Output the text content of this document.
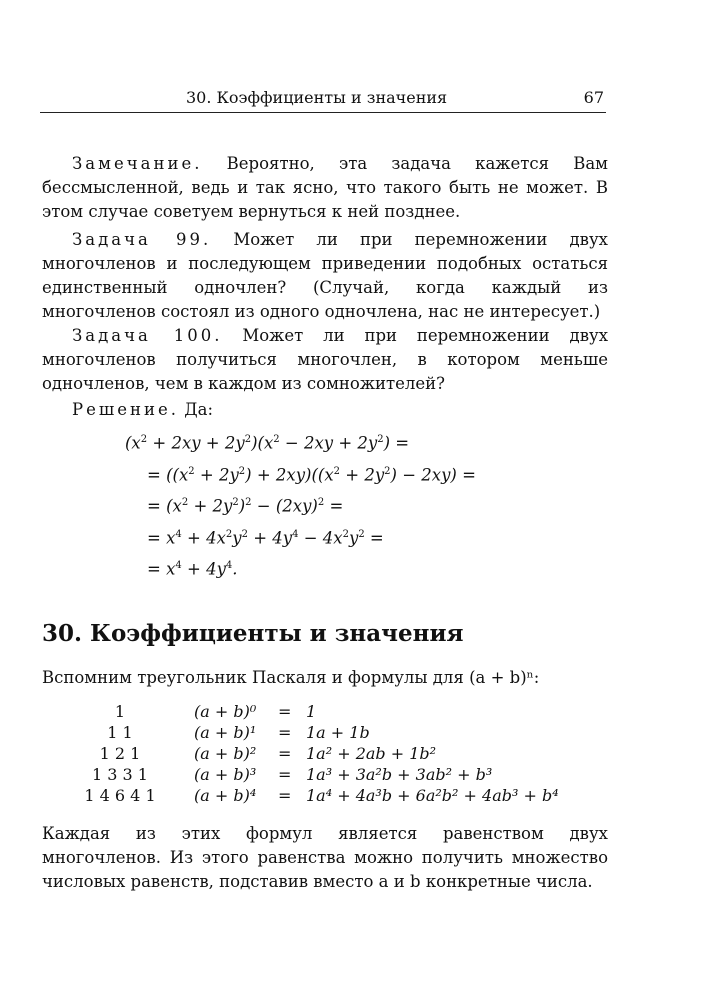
30. Коэффициенты и значения	67
Замечание. Вероятно, эта задача кажется Вам бессмысленной, ведь и так ясно, что такого быть не может. В этом случае советуем вернуться к ней позднее.
Задача 99. Может ли при перемножении двух многочленов и последующем приведении подобных остаться единственный одночлен? (Случай, когда каждый из многочленов состоял из одного одночлена, нас не интересует.)
Задача 100. Может ли при перемножении двух многочленов получиться многочлен, в котором меньше одночленов, чем в каждом из сомножителей?
Решение. Да:
$(x^2 + 2xy + 2y^2)(x^2 - 2xy + 2y^2)$ =
= $((x^2 + 2y^2) + 2xy)((x^2 + 2y^2) - 2xy)$ =
= $(x^2 + 2y^2)^2 - (2xy)^2$ =
= $x^4 + 4x^2y^2 + 4y^4 - 4x^2y^2$ =
= $x^4 + 4y^4$.
30. Коэффициенты и значения
Вспомним треугольник Паскаля и формулы для (a + b)ⁿ:
1	(a + b)⁰ = 1
1 1	(a + b)¹ = 1a + 1b
1 2 1	(a + b)² = 1a² + 2ab + 1b²
1 3 3 1	(a + b)³ = 1a³ + 3a²b + 3ab² + b³
1 4 6 4 1	(a + b)⁴ = 1a⁴ + 4a³b + 6a²b² + 4ab³ + b⁴
Каждая из этих формул является равенством двух многочленов. Из этого равенства можно получить множество числовых равенств, подставив вместо a и b конкретные числа.
